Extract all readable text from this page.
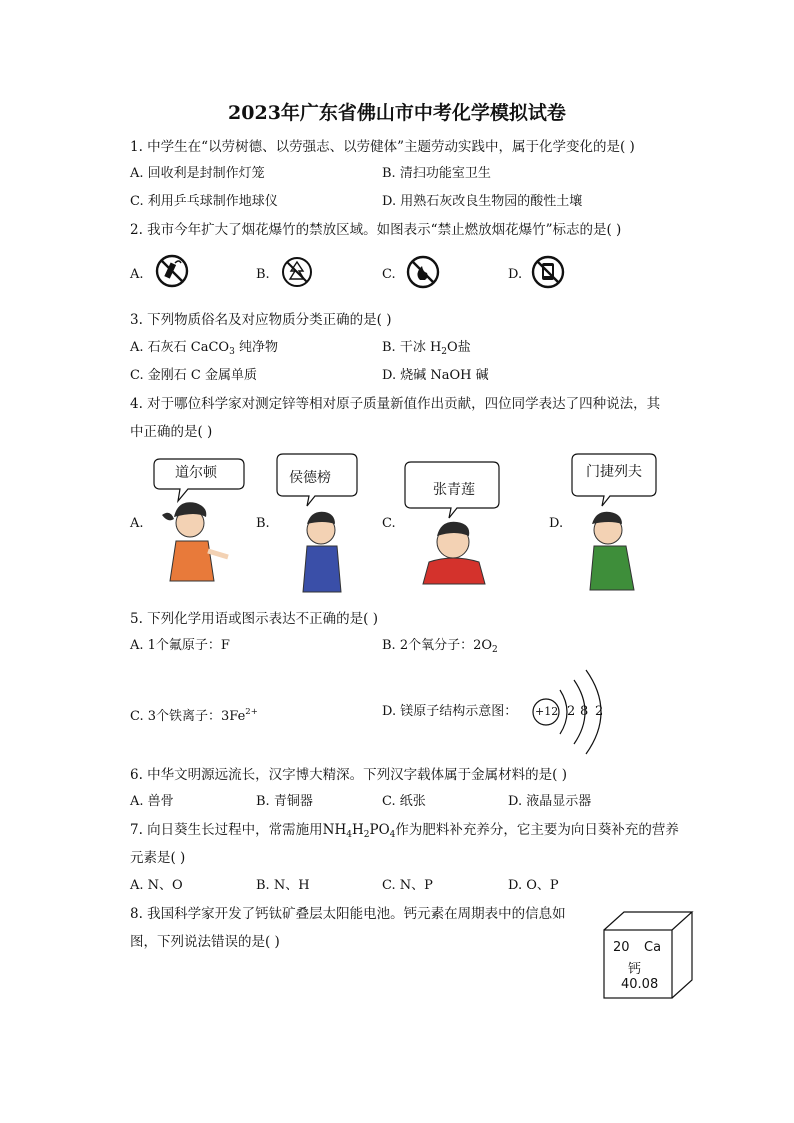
2023年广东省佛山市中考化学模拟试卷
1. 中学生在“以劳树德、以劳强志、以劳健体”主题劳动实践中，属于化学变化的是( )
A. 回收利是封制作灯笼	B. 清扫功能室卫生
C. 利用乒乓球制作地球仪	D. 用熟石灰改良生物园的酸性土壤
2. 我市今年扩大了烟花爆竹的禁放区域。如图表示“禁止燃放烟花爆竹”标志的是( )
A.	B.	C.	D.
3. 下列物质俗名及对应物质分类正确的是( )
A. 石灰石 CaCO$_3$ 纯净物	B. 干冰 $H_2O$盐
C. 金刚石 C 金属单质	D. 烧碱 NaOH 碱
4. 对于哪位科学家对测定锌等相对原子质量新值作出贡献，四位同学表达了四种说法，其
中正确的是( )
A.
道尔顿
B.
侯德榜
C.
张青莲
D.
门捷列夫
5. 下列化学用语或图示表达不正确的是( )
A. 1个氟原子：F	B. 2个氧分子：$2O_2$
C. 3个铁离子：$3Fe^{2+}$	D. 镁原子结构示意图： +12 2 8 2
6. 中华文明源远流长，汉字博大精深。下列汉字载体属于金属材料的是( )
A. 兽骨	B. 青铜器	C. 纸张	D. 液晶显示器
7. 向日葵生长过程中，常需施用$NH_4H_2PO_4$作为肥料补充养分，它主要为向日葵补充的营养
元素是( )
A. N、O	B. N、H	C. N、P	D. O、P
8. 我国科学家开发了钙钛矿叠层太阳能电池。钙元素在周期表中的信息如
图，下列说法错误的是( )	20 Ca
钙
40.08
